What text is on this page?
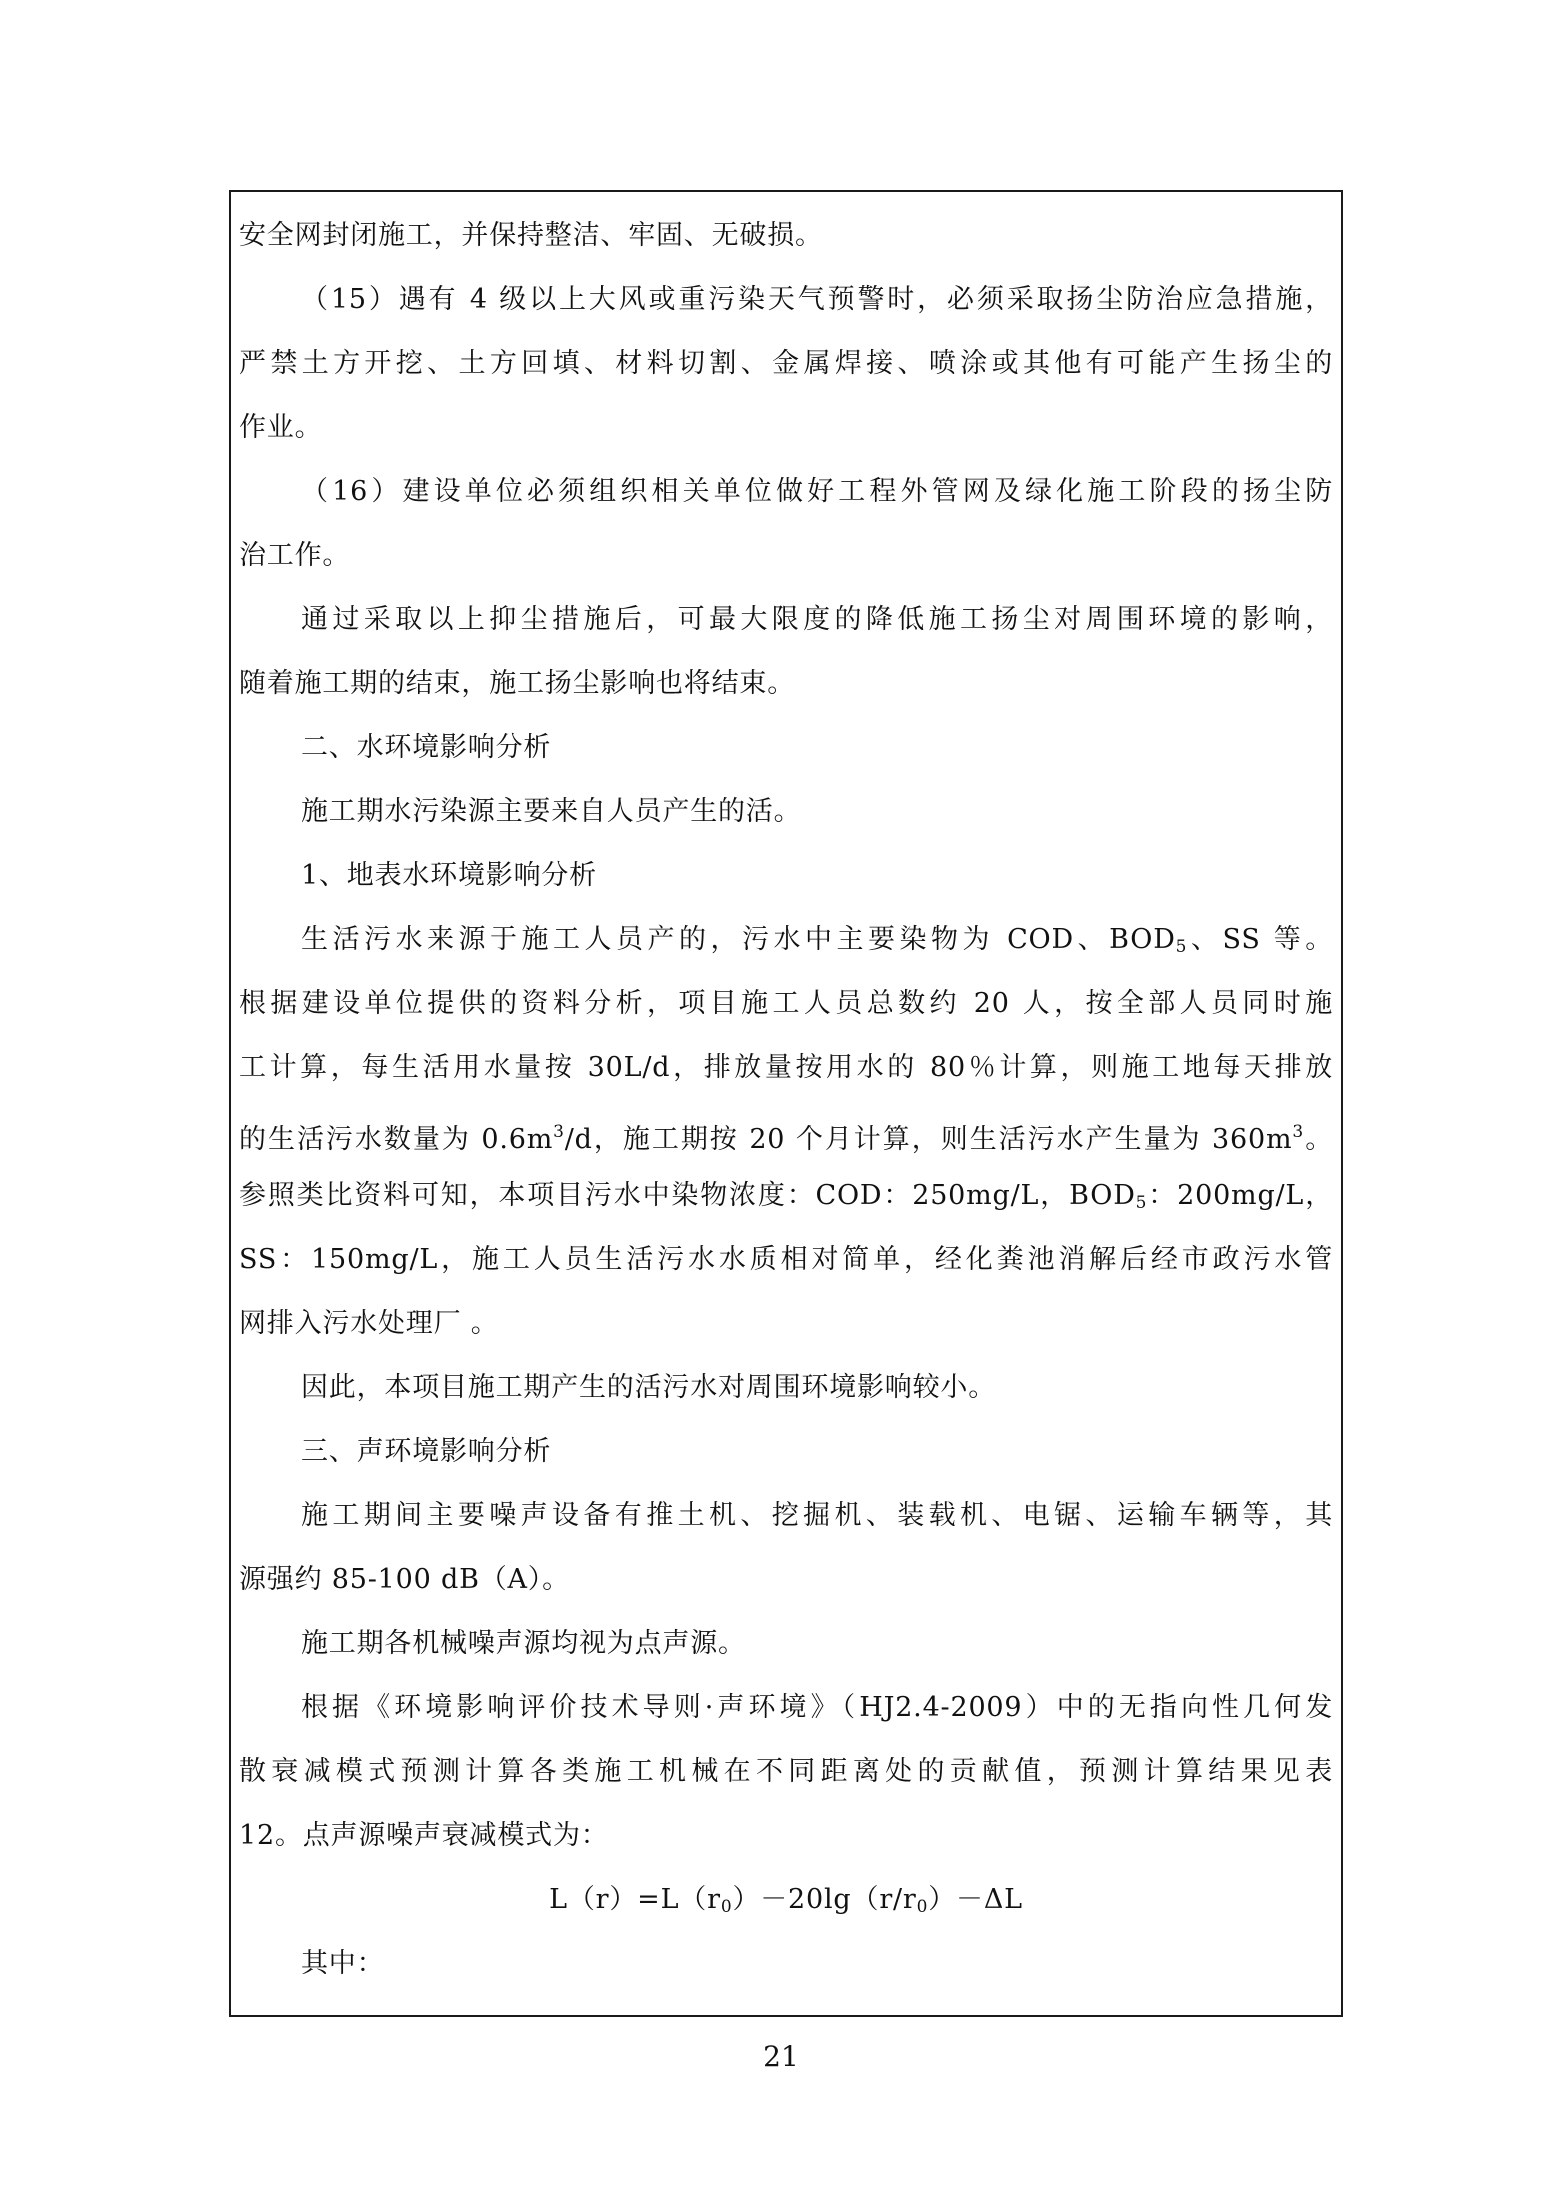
安全网封闭施工，并保持整洁、牢固、无破损。
（15）遇有 4 级以上大风或重污染天气预警时，必须采取扬尘防治应急措施，
严禁土方开挖、土方回填、材料切割、金属焊接、喷涂或其他有可能产生扬尘的
作业。
（16）建设单位必须组织相关单位做好工程外管网及绿化施工阶段的扬尘防
治工作。
通过采取以上抑尘措施后，可最大限度的降低施工扬尘对周围环境的影响，
随着施工期的结束，施工扬尘影响也将结束。
二、水环境影响分析
施工期水污染源主要来自人员产生的活。
1、地表水环境影响分析
生活污水来源于施工人员产的，污水中主要染物为 COD、$BOD_5$、SS 等。
根据建设单位提供的资料分析，项目施工人员总数约 20 人，按全部人员同时施
工计算，每生活用水量按 30L/d，排放量按用水的 80％计算，则施工地每天排放
的生活污水数量为 $0.6m^3/d$，施工期按 20 个月计算，则生活污水产生量为 $360m^3$。
参照类比资料可知，本项目污水中染物浓度：COD：250mg/L，$BOD_5$：200mg/L，
SS：150mg/L，施工人员生活污水水质相对简单，经化粪池消解后经市政污水管
网排入污水处理厂 。
因此，本项目施工期产生的活污水对周围环境影响较小。
三、声环境影响分析
施工期间主要噪声设备有推土机、挖掘机、装载机、电锯、运输车辆等，其
源强约 85-100 dB（A）。
施工期各机械噪声源均视为点声源。
根据《环境影响评价技术导则·声环境》（HJ2.4-2009）中的无指向性几何发
散衰减模式预测计算各类施工机械在不同距离处的贡献值，预测计算结果见表
12。点声源噪声衰减模式为：
$L(r)=L(r_0)-20\lg(r/r_0)-\Delta L$
其中：
21
